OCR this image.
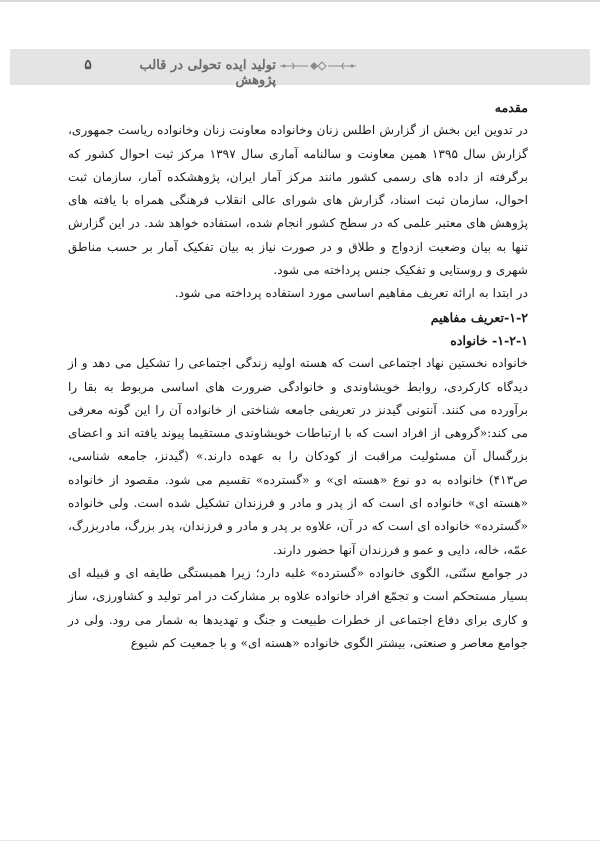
۵	تولید ایده تحولی در قالب پژوهش

مقدمه

در تدوین این بخش از گزارش اطلس زنان وخانواده معاونت زنان وخانواده ریاست جمهوری، گزارش سال ۱۳۹۵ همین معاونت و سالنامه آماری سال ۱۳۹۷ مرکز ثبت احوال کشور که برگرفته از داده های رسمی کشور مانند مرکز آمار ایران، پژوهشکده آمار، سازمان ثبت احوال، سازمان ثبت اسناد، گزارش های شورای عالی انقلاب فرهنگی همراه با یافته های پژوهش های معتبر علمی که در سطح کشور انجام شده، استفاده خواهد شد. در این گزارش تنها به بیان وضعیت ازدواج و طلاق و در صورت نیاز به بیان تفکیک آمار بر حسب مناطق شهری و روستایی و تفکیک جنس پرداخته می شود.

در ابتدا به ارائه تعریف مفاهیم اساسی مورد استفاده پرداخته می شود.

۱-۲-تعریف مفاهیم

۱-۲-۱- خانواده

خانواده نخستین نهاد اجتماعی است که هسته اولیه زندگی اجتماعی را تشکیل می دهد و از دیدگاه کارکردی، روابط خویشاوندی و خانوادگی ضرورت های اساسی مربوط به بقا را برآورده می کنند. آنتونی گیدنز در تعریفی جامعه شناختی از خانواده آن را این گونه معرفی می کند:«گروهی از افراد است که با ارتباطات خویشاوندی مستقیما پیوند یافته اند و اعضای بزرگسال آن مسئولیت مراقبت از کودکان را به عهده دارند.» (گیدنز، جامعه شناسی، ص۴۱۳) خانواده به دو نوع «هسته ای» و «گسترده» تقسیم می شود. مقصود از خانواده «هسته ای» خانواده ای است که از پدر و مادر و فرزندان تشکیل شده است. ولی خانواده «گسترده» خانواده ای است که در آن، علاوه بر پدر و مادر و فرزندان، پدر بزرگ، مادربزرگ، عمّه، خاله، دایی و عمو و فرزندان آنها حضور دارند.

در جوامع سنّتی، الگوی خانواده «گسترده» غلبه دارد؛ زیرا همبستگی طایفه ای و قبیله ای بسیار مستحکم است و تجمّع افراد خانواده علاوه بر مشارکت در امر تولید و کشاورزی، ساز و کاری برای دفاع اجتماعی از خطرات طبیعت و جنگ و تهدیدها به شمار می رود. ولی در جوامع معاصر و صنعتی، بیشتر الگوی خانواده «هسته ای» و با جمعیت کم شیوع
